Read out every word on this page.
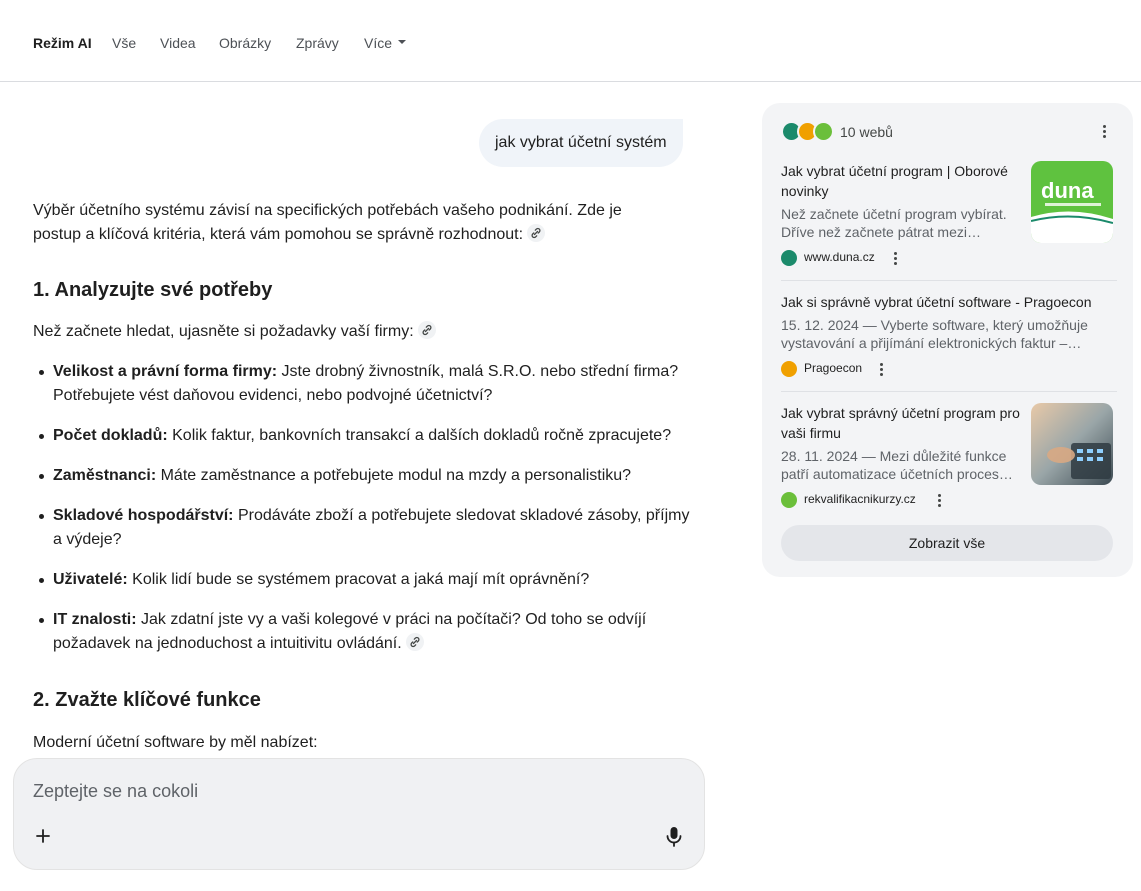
Režim AI Vše Videa Obrázky Zprávy Více
jak vybrat účetní systém
Výběr účetního systému závisí na specifických potřebách vašeho podnikání. Zde je postup a klíčová kritéria, která vám pomohou se správně rozhodnout:
1. Analyzujte své potřeby
Než začnete hledat, ujasněte si požadavky vaší firmy:
Velikost a právní forma firmy: Jste drobný živnostník, malá S.R.O. nebo střední firma? Potřebujete vést daňovou evidenci, nebo podvojné účetnictví?
Počet dokladů: Kolik faktur, bankovních transakcí a dalších dokladů ročně zpracujete?
Zaměstnanci: Máte zaměstnance a potřebujete modul na mzdy a personalistiku?
Skladové hospodářství: Prodáváte zboží a potřebujete sledovat skladové zásoby, příjmy a výdeje?
Uživatelé: Kolik lidí bude se systémem pracovat a jaká mají mít oprávnění?
IT znalosti: Jak zdatní jste vy a vaši kolegové v práci na počítači? Od toho se odvíjí požadavek na jednoduchost a intuitivitu ovládání.
2. Zvažte klíčové funkce
Moderní účetní software by měl nabízet:
Zeptejte se na cokoli
10 webů
Jak vybrat účetní program | Oborové novinky
Než začnete účetní program vybírat. Dříve než začnete pátrat mezi…
www.duna.cz
duna
Jak si správně vybrat účetní software - Pragoecon
15. 12. 2024 — Vyberte software, který umožňuje vystavování a přijímání elektronických faktur –…
Pragoecon
Jak vybrat správný účetní program pro vaši firmu
28. 11. 2024 — Mezi důležité funkce patří automatizace účetních proces…
rekvalifikacnikurzy.cz
Zobrazit vše
